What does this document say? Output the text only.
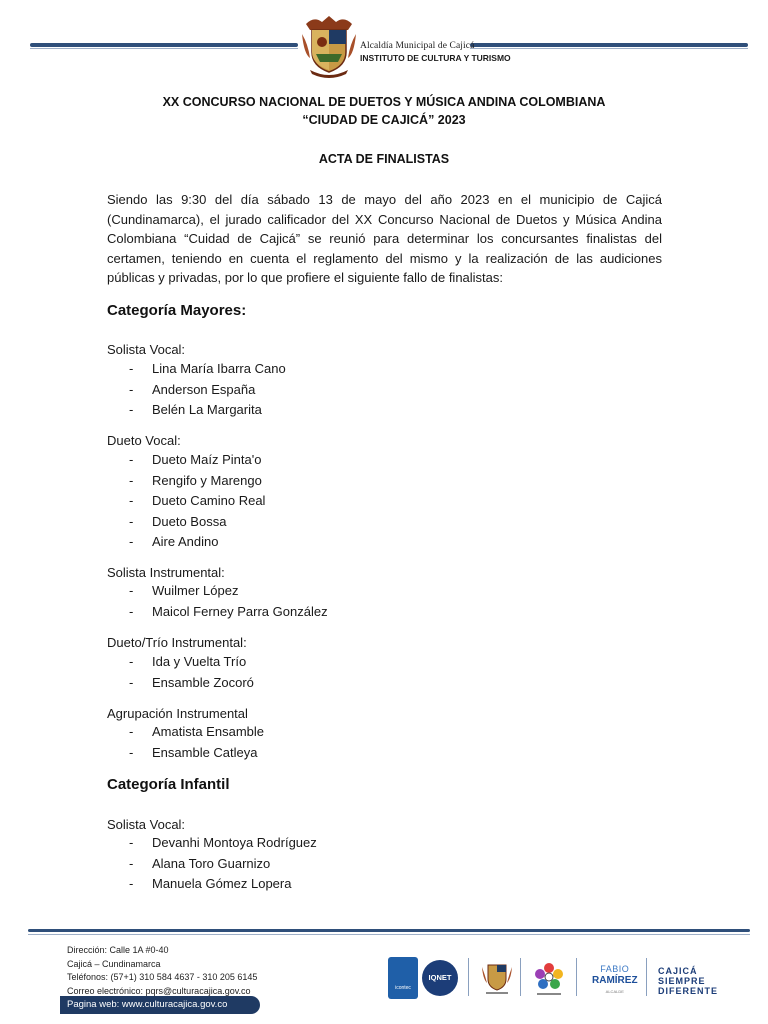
Alcaldía Municipal de Cajicá
INSTITUTO DE CULTURA Y TURISMO
XX CONCURSO NACIONAL DE DUETOS Y MÚSICA ANDINA COLOMBIANA
“CIUDAD DE CAJICÁ” 2023
ACTA DE FINALISTAS

Siendo las 9:30 del día sábado 13 de mayo del año 2023 en el municipio de Cajicá (Cundinamarca), el jurado calificador del XX Concurso Nacional de Duetos y Música Andina Colombiana “Cuidad de Cajicá” se reunió para determinar los concursantes finalistas del certamen, teniendo en cuenta el reglamento del mismo y la realización de las audiciones públicas y privadas, por lo que profiere el siguiente fallo de finalistas:

Categoría Mayores:
Solista Vocal:
- Lina María Ibarra Cano
- Anderson España
- Belén La Margarita
Dueto Vocal:
- Dueto Maíz Pinta'o
- Rengifo y Marengo
- Dueto Camino Real
- Dueto Bossa
- Aire Andino
Solista Instrumental:
- Wuilmer López
- Maicol Ferney Parra González
Dueto/Trío Instrumental:
- Ida y Vuelta Trío
- Ensamble Zocoró
Agrupación Instrumental
- Amatista Ensamble
- Ensamble Catleya
Categoría Infantil
Solista Vocal:
- Devanhi Montoya Rodríguez
- Alana Toro Guarnizo
- Manuela Gómez Lopera
Dirección: Calle 1A #0-40
Cajicá – Cundinamarca
Teléfonos: (57+1) 310 584 4637 - 310 205 6145
Correo electrónico: pqrs@culturacajica.gov.co
Pagina web: www.culturacajica.gov.co
icontec
IQNET
FABIO
RAMÍREZ
ALCALDE
CAJICÁ
SIEMPRE
DIFERENTE
